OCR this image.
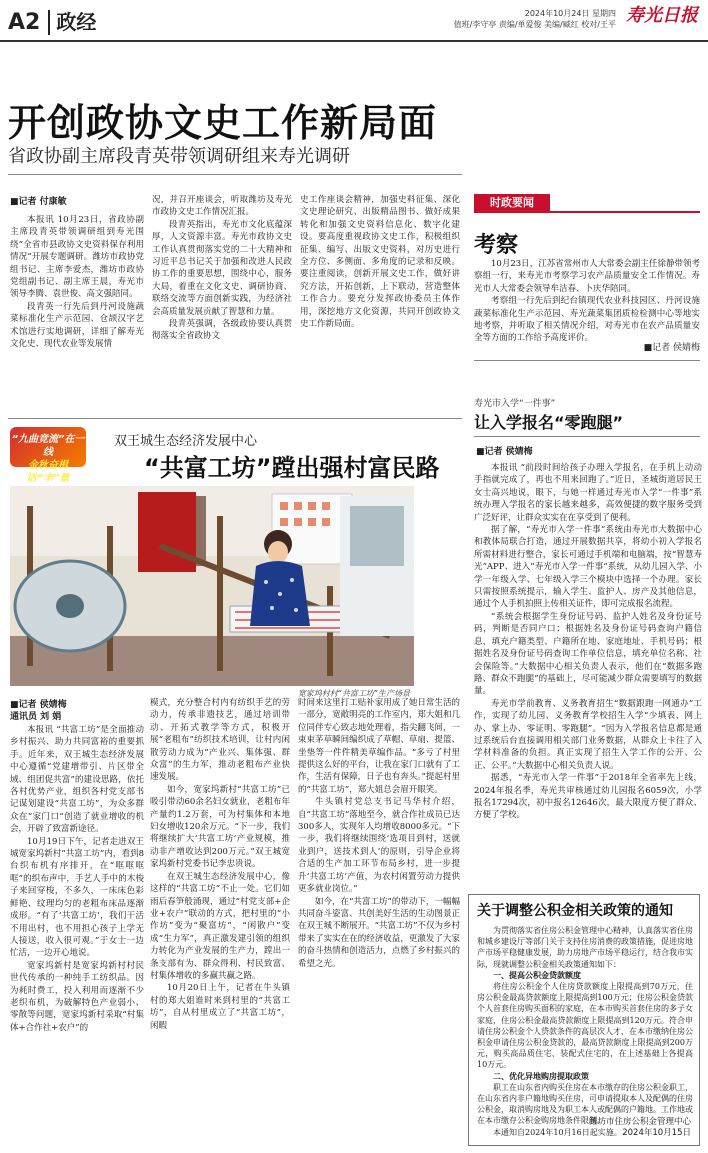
A2 政经	2024年10月24日 星期四
值班/李守亭 责编/单爱俊 美编/臧红 校对/王平 寿光日报
开创政协文史工作新局面
省政协副主席段青英带领调研组来寿光调研
■记者 付康敏

本报讯 10月23日，省政协副主席段青英带领调研组到寿光围绕“全省市县政协文史资料保存利用情况”开展专题调研。潍坊市政协党组书记、主席李爱杰，潍坊市政协党组副书记、副主席王晨，寿光市领导李腾、袁世俊、高文强陪同。

段青英一行先后到丹河设施蔬菜标准化生产示范园、仓颉汉字艺术馆进行实地调研，详细了解寿光文化史、现代农业等发展情

况，并召开座谈会，听取潍坊及寿光市政协文史工作情况汇报。

段青英指出，寿光市文化底蕴深厚，人文资源丰富。寿光市政协文史工作认真贯彻落实党的二十大精神和习近平总书记关于加强和改进人民政协工作的重要思想，围绕中心，服务大局，着重在文化文史、调研协商、联络交流等方面创新实践，为经济社会高质量发展贡献了智慧和力量。

段青英强调，各级政协要认真贯彻落实全省政协文

史工作座谈会精神，加强史料征集、深化文史理论研究、出版精品图书、做好成果转化和加强文史资料信息化、数字化建设。要高度重视政协文史工作，积极组织征集、编写、出版文史资料，对历史进行全方位、多侧面、多角度的记录和反映。要注重阅读，创新开展文史工作，做好讲究方法，开拓创新，上下联动，营造整体工作合力。要充分发挥政协委员主体作用，深挖地方文化资源，共同开创政协文史工作新局面。

时政要闻
考察

10月23日，江苏省常州市人大常委会副主任徐静带领考察组一行，来寿光市考察学习农产品质量安全工作情况。寿光市人大常委会领导牟洁春、卜庆华陪同。

考察组一行先后到纪台镇现代农业科技园区、丹河设施蔬菜标准化生产示范园、寿光蔬菜集团质检检测中心等地实地考察，并听取了相关情况介绍，对寿光市在农产品质量安全等方面的工作给予高度评价。

■记者 侯婧梅
寿光市入学“一件事”
让入学报名“零跑腿”
■记者 侯婧梅

本报讯 “前段时间给孩子办理入学报名，在手机上动动手指就完成了，再也不用来回跑了。”近日，圣城街道居民王女士高兴地说，眼下，与她一样通过寿光市入学“一件事”系统办理入学报名的家长越来越多，高效便捷的数字服务受到广泛好评，让群众实实在在享受到了便利。

据了解，“寿光市入学一件事”系统由寿光市大数据中心和教体局联合打造，通过开展数据共享，将幼小初入学报名所需材料进行整合，家长可通过手机端和电脑端，按“智慧寿光”APP、进入“寿光市入学一件事”系统，从幼儿园入学、小学一年级入学、七年级入学三个模块中选择一个办理。家长只需按照系统提示，输入学生、监护人、房产及其他信息，通过个人手机拍照上传相关证件，即可完成报名流程。

“系统会根据学生身份证号码、监护人姓名及身份证号码，判断是否同户口；根据姓名及身份证号码查询户籍信息，填充户籍类型、户籍所在地、家庭地址、手机号码；根据姓名及身份证号码查询工作单位信息，填充单位名称、社会保险等。”大数据中心相关负责人表示，他们在“数据多跑路、群众不跑腿”的基础上，尽可能减少群众需要填写的数据量。

寿光市学前教育、义务教育招生“数据跟跑一网通办”工作，实现了幼儿园、义务教育学校招生入学“少填表、网上办、掌上办、零证明、零跑腿”。“因为入学报名信息都是通过系统后台直接调用相关部门业务数据，从群众上卡往了入学材料准备的负担。真正实现了招生入学工作的公开、公正、公平。”大数据中心相关负责人说。

据悉，“寿光市入学一件事”于2018年全省率先上线，2024年报名季，寿光共审核通过幼儿园报名6059次，小学报名17294次，初中报名12646次，最大限度方便了群众、方便了学校。

“九曲竞流”在一线
金秋奋楫话“丰”景
双王城生态经济发展中心
“共富工坊”蹚出强村富民路
宽家坞村村“共富工坊”生产场景
■记者 侯婧梅
通讯员 刘 娟

本报讯 “共富工坊”是全面推动乡村振兴、助力共同富裕的重要抓手。近年来，双王城生态经济发展中心遵循“党建增带引、片区带全域、组团促共富”的建设思路，依托各村优势产业，组织各村党支部书记谋划建设“共富工坊”，为众多群众在“家门口”创造了就业增收的机会，开辟了致富新途径。

10月19日下午，记者走进双王城宽家坞新村“共富工坊”内，看到8台织布机有序排开，在“哐哐哐哐”的织布声中，手艺人手中的木梭子来回穿梭，不多久，一床床色彩鲜艳、纹理均匀的老粗布床品逐渐成形。“有了‘共富工坊’，我们干活不用出村，也不用担心孩子上学无人接送，收入很可观。”于女士一边忙活，一边开心地说。

宽家坞新村是宽家坞新村村民世代传承的一种纯手工纺织品。因为耗时费工，投入利用而逐渐不少老织布机，为破解特色产业弱小、零散等问题，宽家坞新村采取“村集体+合作社+农户”的

模式，充分整合村内有纺织手艺的劳动力，传承非遗技艺，通过培训带动、开拓式教学等方式，积极开展“老粗布”纺织技术培训，让村内闲散劳动力成为“产业兴、集体强、群众富”的生力军，推动老粗布产业快速发展。

如今，宽家坞新村“共富工坊”已吸引带动60余名妇女就业，老粗布年产量约1.2万套，可为村集体和本地妇女增收120余万元。“下一步，我们将继续扩大‘共富工坊’产业规模，推动非产增收达到200万元。”双王城宽家坞新村党委书记李忠贵说。

在双王城生态经济发展中心，像这样的“共富工坊”不止一处。它们如雨后春笋般涌现，通过“村党支部+企业+农户”联动的方式，把村里的“小作坊”变为“聚富坊”，“闲散户”变成“生力军”，真正激发建引领的组织力转化为产业发展的生产力，蹚出一条支部有为、群众得利、村民致富、村集体增收的多赢共赢之路。

10月20日上午，记者在牛头镇村的郑大姐谁时来到村里的“共富工坊”，自从村里成立了“共富工坊”，闲暇

时间来这里打工贴补家用成了她日常生活的一部分，宽敞明亮的工作室内，郑大姐和几位同伴专心致志地处理着，指尖翻飞间，一束束茅草瞬间编织成了草帽、草扇、提篮、坐垫等一件件精美草编作品。“多亏了村里提供这么好的平台，让我在家门口就有了工作，生活有保障，日子也有奔头。”提起村里的“共富工坊”，郑大姐总会眉开眼笑。

牛头镇村党总支书记马华村介绍，自“共富工坊”落地至今，就合作社成员已达300多人，实现年人均增收8000多元。“下一步，我们将继续围绕‘选项目到村，送就业到户，送技术到人’的原则，引导企业将合适的生产加工环节布局乡村，进一步提升‘共富工坊’产值，为农村闲置劳动力提供更多就业岗位。”

如今，在“共富工坊”的带动下，一幅幅共同奋斗姿富、共创美好生活的生动图景正在双王城不断展开。“共富工坊”不仅为乡村带来了实实在在的经济收益，更激发了大家的奋斗热情和创造活力，点燃了乡村振兴的希望之光。

关于调整公积金相关政策的通知

为贯彻落实省住房公积金管理中心精神，认真落实省住房和城乡建设厅等部门关于支持住房消费的政策措施，促进房地产市场平稳健康发展，助力房地产市场平稳运行，结合我市实际，现就调整公积金相关政策通知如下：

一、提高公积金贷款额度

将住房公积金个人住房贷款额度上限提高到70万元，住房公积金最高贷款额度上限提高到100万元；住房公积金贷款个人首套住房购买面积的家庭，在本市购买首套住房的多子女家庭，住房公积金最高贷款额度上限提高到120万元。符合申请住房公积金个人贷款条件的高层次人才，在本市缴纳住房公积金申请住房公积金贷款的，最高贷款额度上限提高到200万元，购买高品质住宅、装配式住宅的，在上述基础上各提高10万元。

二、优化异地购房提取政策

职工在山东省内购买住房在本市缴存的住房公积金职工，在山东省内非户籍地购买住房，可申请提取本人及配偶的住房公积金，取消购房地及为职工本人或配偶的户籍地。工作地或在本市缴存公积金购房地条件限制。

本通知自2024年10月16日起实施。

潍坊市住房公积金管理中心
2024年10月15日
